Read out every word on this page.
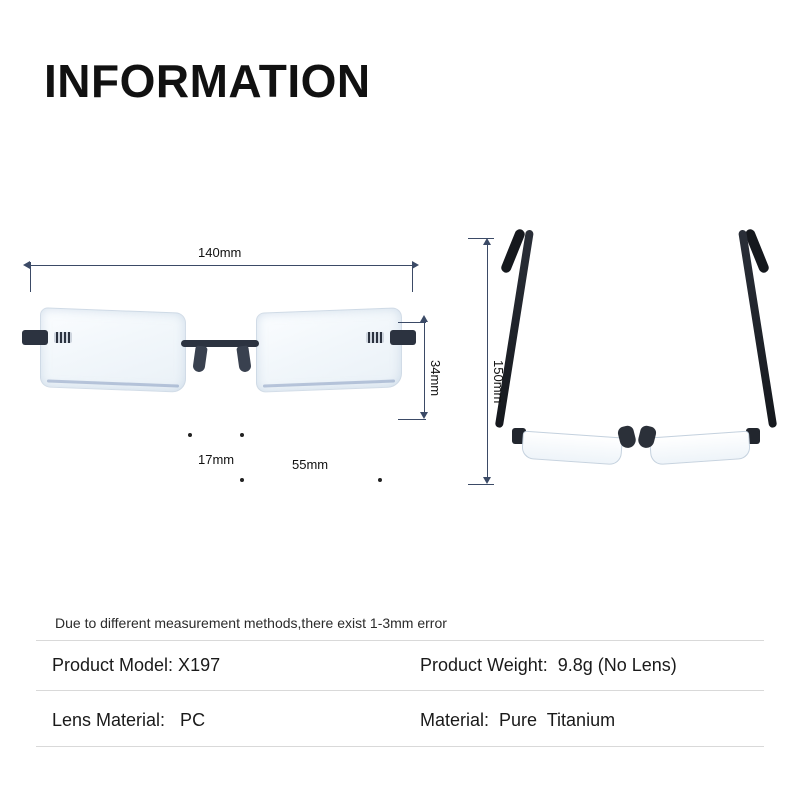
INFORMATION
140mm
34mm
17mm	55mm
150mm
Due to different measurement methods,there exist 1-3mm error
Product Model: X197	Product Weight:  9.8g (No Lens)
Lens Material:   PC	Material:  Pure  Titanium
